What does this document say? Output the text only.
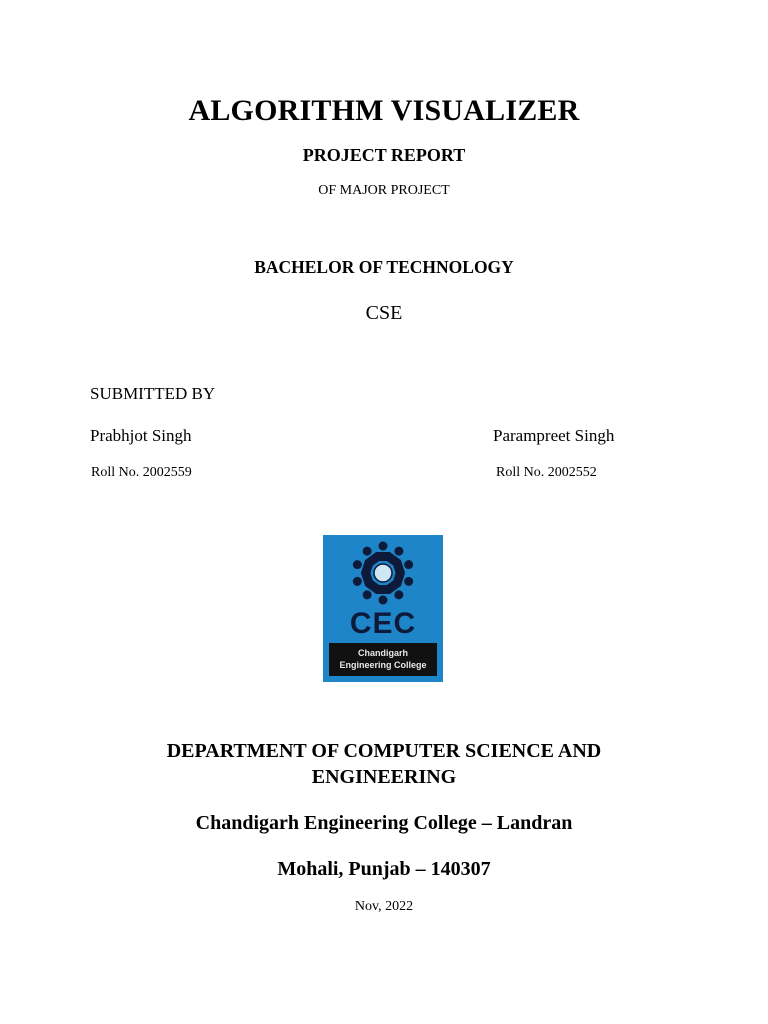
ALGORITHM VISUALIZER
PROJECT REPORT
OF MAJOR PROJECT
BACHELOR OF TECHNOLOGY
CSE
SUBMITTED BY
Prabhjot Singh	Parampreet Singh
Roll No. 2002559	Roll No. 2002552
CEC
Chandigarh
Engineering College
DEPARTMENT OF COMPUTER SCIENCE AND ENGINEERING
Chandigarh Engineering College – Landran
Mohali, Punjab – 140307
Nov, 2022
